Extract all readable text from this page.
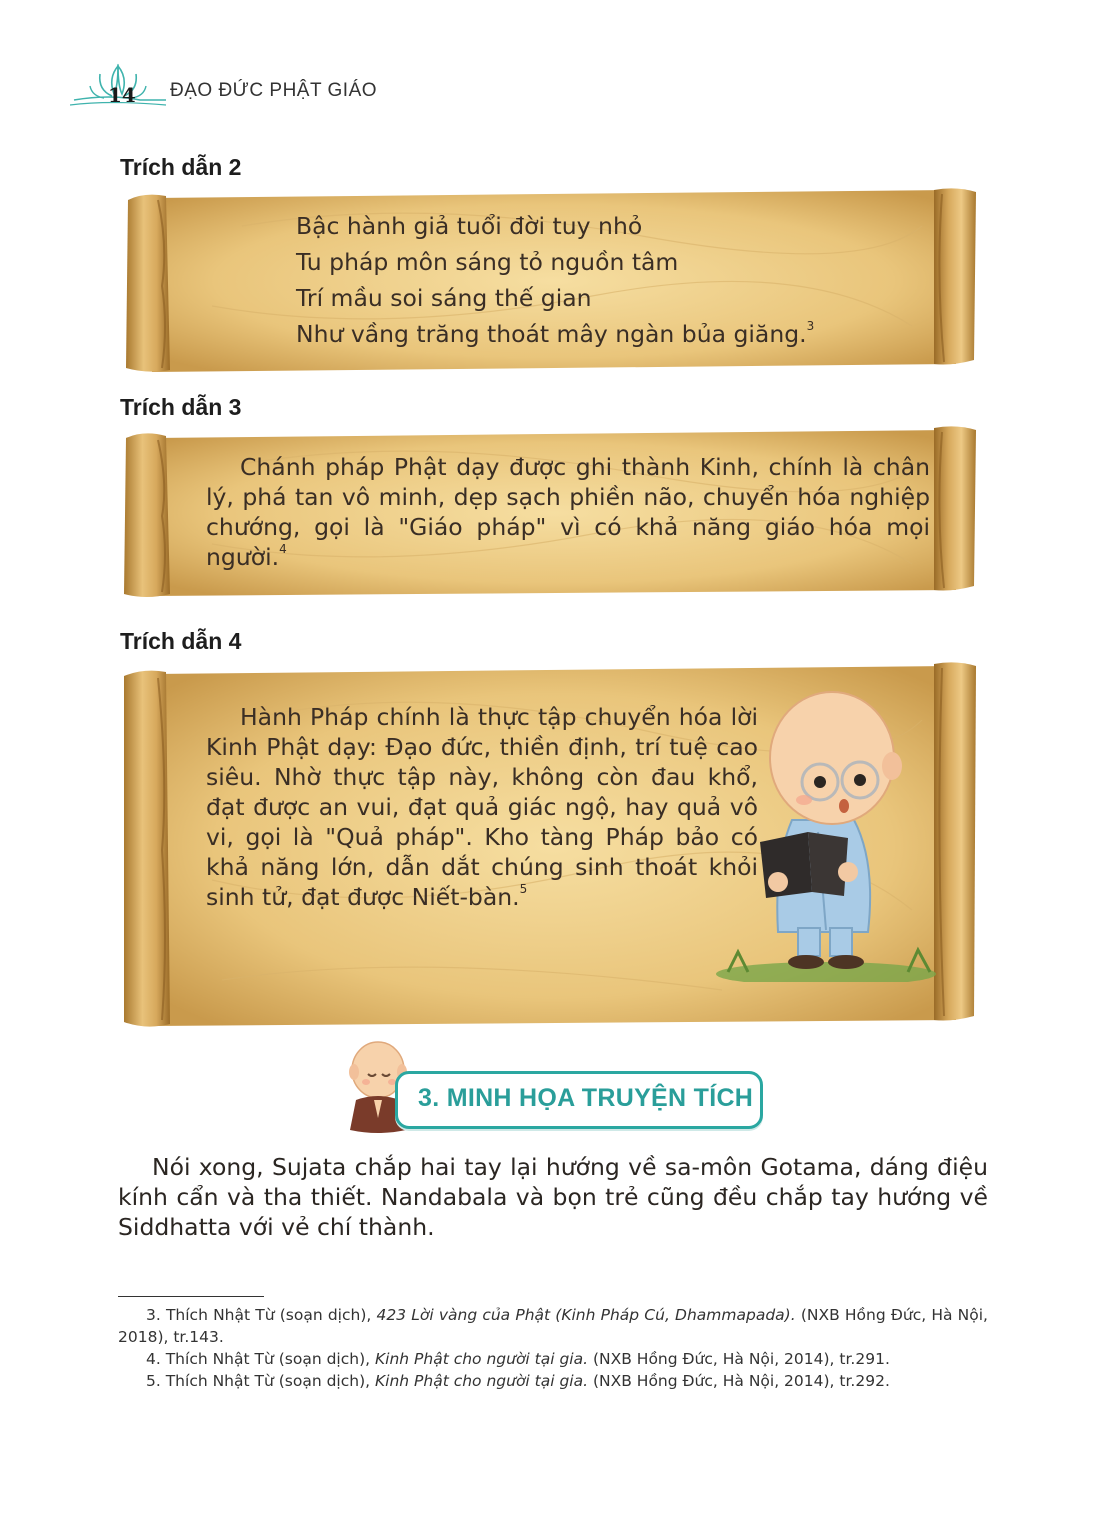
14 ĐẠO ĐỨC PHẬT GIÁO
Trích dẫn 2
Bậc hành giả tuổi đời tuy nhỏ
Tu pháp môn sáng tỏ nguồn tâm
Trí mầu soi sáng thế gian
Như vầng trăng thoát mây ngàn bủa giăng.$^3$
Trích dẫn 3
Chánh pháp Phật dạy được ghi thành Kinh, chính là chân lý, phá tan vô minh, dẹp sạch phiền não, chuyển hóa nghiệp chướng, gọi là "Giáo pháp" vì có khả năng giáo hóa mọi người.$^4$
Trích dẫn 4
Hành Pháp chính là thực tập chuyển hóa lời Kinh Phật dạy: Đạo đức, thiền định, trí tuệ cao siêu. Nhờ thực tập này, không còn đau khổ, đạt được an vui, đạt quả giác ngộ, hay quả vô vi, gọi là "Quả pháp". Kho tàng Pháp bảo có khả năng lớn, dẫn dắt chúng sinh thoát khỏi sinh tử, đạt được Niết-bàn.$^5$
3. MINH HỌA TRUYỆN TÍCH
Nói xong, Sujata chắp hai tay lại hướng về sa-môn Gotama, dáng điệu kính cẩn và tha thiết. Nandabala và bọn trẻ cũng đều chắp tay hướng về Siddhatta với vẻ chí thành.
3. Thích Nhật Từ (soạn dịch), 423 Lời vàng của Phật (Kinh Pháp Cú, Dhammapada). (NXB Hồng Đức, Hà Nội, 2018), tr.143.
4. Thích Nhật Từ (soạn dịch), Kinh Phật cho người tại gia. (NXB Hồng Đức, Hà Nội, 2014), tr.291.
5. Thích Nhật Từ (soạn dịch), Kinh Phật cho người tại gia. (NXB Hồng Đức, Hà Nội, 2014), tr.292.
